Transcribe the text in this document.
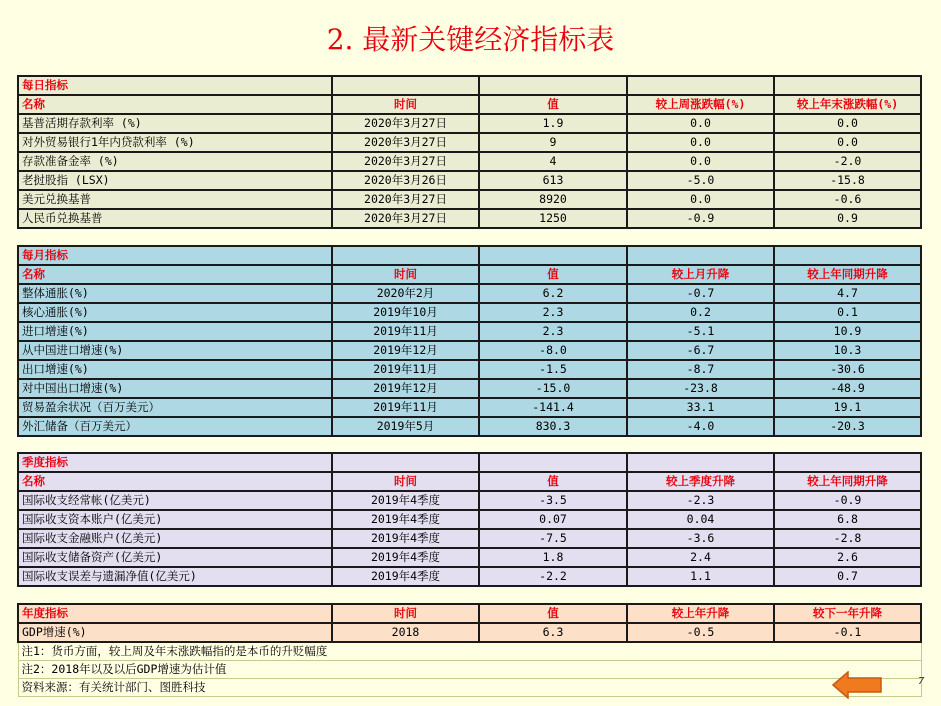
2. 最新关键经济指标表
每日指标				
名称	时间	值	较上周涨跌幅(%)	较上年末涨跌幅(%)
基普活期存款利率 (%)	2020年3月27日	1.9	0.0	0.0
对外贸易银行1年内贷款利率 (%)	2020年3月27日	9	0.0	0.0
存款准备金率 (%)	2020年3月27日	4	0.0	-2.0
老挝股指 (LSX)	2020年3月26日	613	-5.0	-15.8
美元兑换基普	2020年3月27日	8920	0.0	-0.6
人民币兑换基普	2020年3月27日	1250	-0.9	0.9

每月指标				
名称	时间	值	较上月升降	较上年同期升降
整体通胀(%)	2020年2月	6.2	-0.7	4.7
核心通胀(%)	2019年10月	2.3	0.2	0.1
进口增速(%)	2019年11月	2.3	-5.1	10.9
从中国进口增速(%)	2019年12月	-8.0	-6.7	10.3
出口增速(%)	2019年11月	-1.5	-8.7	-30.6
对中国出口增速(%)	2019年12月	-15.0	-23.8	-48.9
贸易盈余状况（百万美元）	2019年11月	-141.4	33.1	19.1
外汇储备（百万美元）	2019年5月	830.3	-4.0	-20.3

季度指标				
名称	时间	值	较上季度升降	较上年同期升降
国际收支经常帐(亿美元)	2019年4季度	-3.5	-2.3	-0.9
国际收支资本账户(亿美元)	2019年4季度	0.07	0.04	6.8
国际收支金融账户(亿美元)	2019年4季度	-7.5	-3.6	-2.8
国际收支储备资产(亿美元)	2019年4季度	1.8	2.4	2.6
国际收支误差与遗漏净值(亿美元)	2019年4季度	-2.2	1.1	0.7

年度指标	时间	值	较上年升降	较下一年升降
GDP增速(%)	2018	6.3	-0.5	-0.1
注1：货币方面，较上周及年末涨跌幅指的是本币的升贬幅度				
注2：2018年以及以后GDP增速为估计值				
资料来源：有关统计部门、图胜科技					7
